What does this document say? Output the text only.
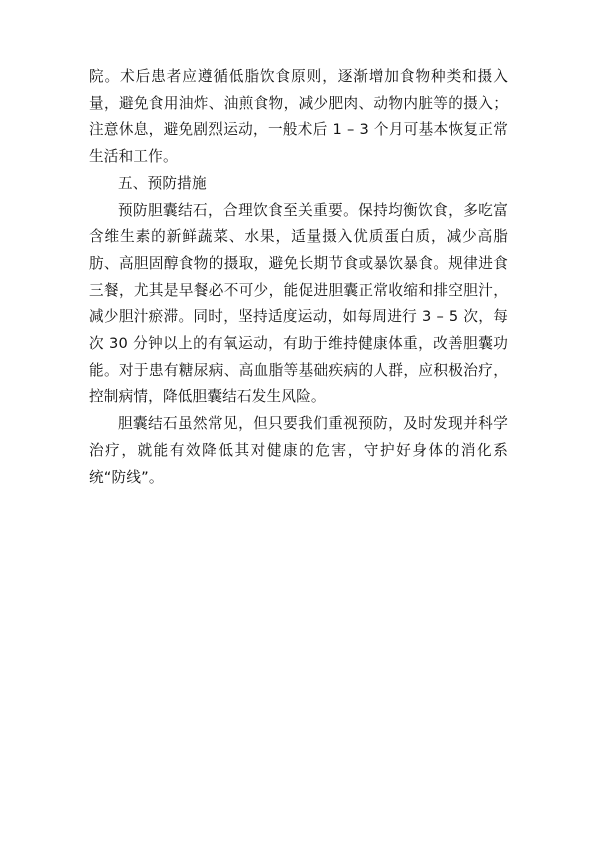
院。术后患者应遵循低脂饮食原则，逐渐增加食物种类和摄入量，避免食用油炸、油煎食物，减少肥肉、动物内脏等的摄入；注意休息，避免剧烈运动，一般术后 1 – 3 个月可基本恢复正常生活和工作。

五、预防措施

预防胆囊结石，合理饮食至关重要。保持均衡饮食，多吃富含维生素的新鲜蔬菜、水果，适量摄入优质蛋白质，减少高脂肪、高胆固醇食物的摄取，避免长期节食或暴饮暴食。规律进食三餐，尤其是早餐必不可少，能促进胆囊正常收缩和排空胆汁，减少胆汁瘀滞。同时，坚持适度运动，如每周进行 3 – 5 次，每次 30 分钟以上的有氧运动，有助于维持健康体重，改善胆囊功能。对于患有糖尿病、高血脂等基础疾病的人群，应积极治疗，控制病情，降低胆囊结石发生风险。

胆囊结石虽然常见，但只要我们重视预防，及时发现并科学治疗，就能有效降低其对健康的危害，守护好身体的消化系统“防线”。
